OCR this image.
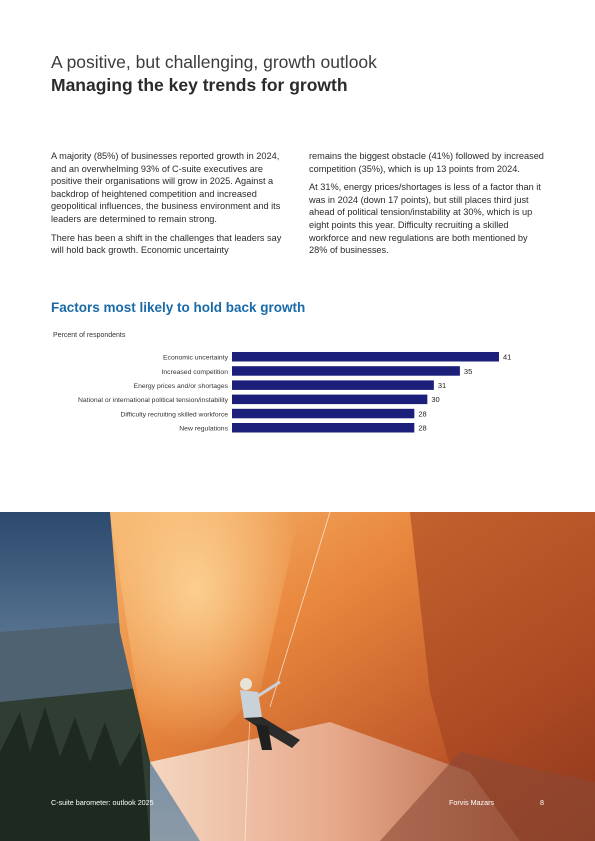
A positive, but challenging, growth outlook
Managing the key trends for growth

A majority (85%) of businesses reported growth in 2024, and an overwhelming 93% of C-suite executives are positive their organisations will grow in 2025. Against a backdrop of heightened competition and increased geopolitical influences, the business environment and its leaders are determined to remain strong.

There has been a shift in the challenges that leaders say will hold back growth. Economic uncertainty

remains the biggest obstacle (41%) followed by increased competition (35%), which is up 13 points from 2024.

At 31%, energy prices/shortages is less of a factor than it was in 2024 (down 17 points), but still places third just ahead of political tension/instability at 30%, which is up eight points this year. Difficulty recruiting a skilled workforce and new regulations are both mentioned by 28% of businesses.

Factors most likely to hold back growth
Percent of respondents
Economic uncertainty	41
Increased competition	35
Energy prices and/or shortages	31
National or international political tension/instability	30
Difficulty recruiting skilled workforce	28
New regulations	28
C-suite barometer: outlook 2025	Forvis Mazars	8
